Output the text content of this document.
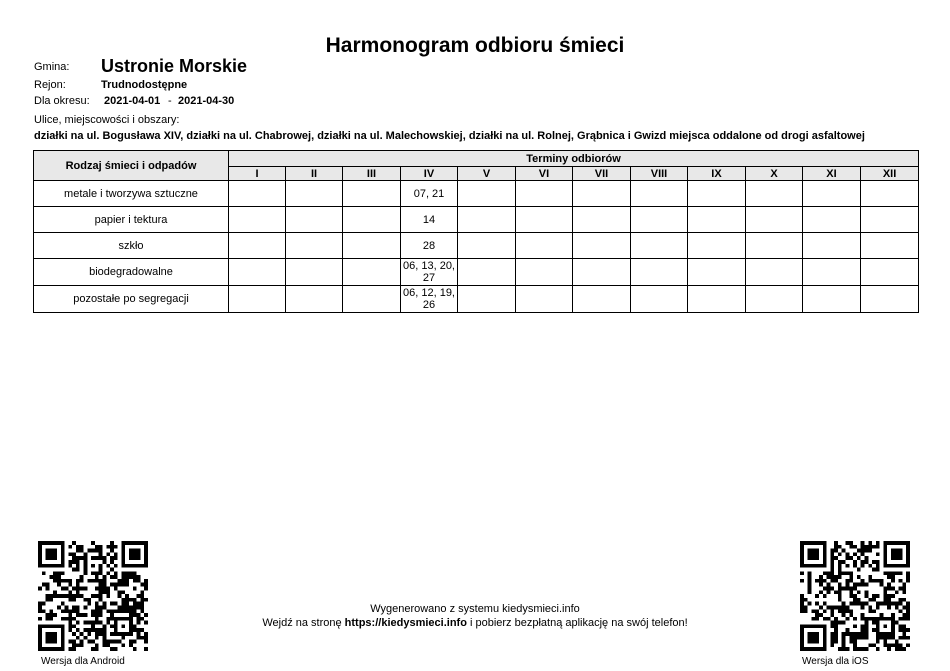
Harmonogram odbioru śmieci
Gmina: Ustronie Morskie
Rejon:	Trudnodostępne
Dla okresu: 2021-04-01 - 2021-04-30
Ulice, miejscowości i obszary:
działki na ul. Bogusława XIV, działki na ul. Chabrowej, działki na ul. Malechowskiej, działki na ul. Rolnej, Grąbnica i Gwizd miejsca oddalone od drogi asfaltowej
Rodzaj śmieci i odpadów	Terminy odbiorów											
	I	II	III	IV	V	VI	VII	VIII	IX	X	XI	XII
metale i tworzywa sztuczne				07, 21								
papier i tektura				14								
szkło				28								
biodegradowalne				06, 13, 20, 27								
pozostałe po segregacji				06, 12, 19, 26								
Wersja dla Android	Wersja dla iOS
Wygenerowano z systemu kiedysmieci.info
Wejdź na stronę https://kiedysmieci.info i pobierz bezpłatną aplikację na swój telefon!
